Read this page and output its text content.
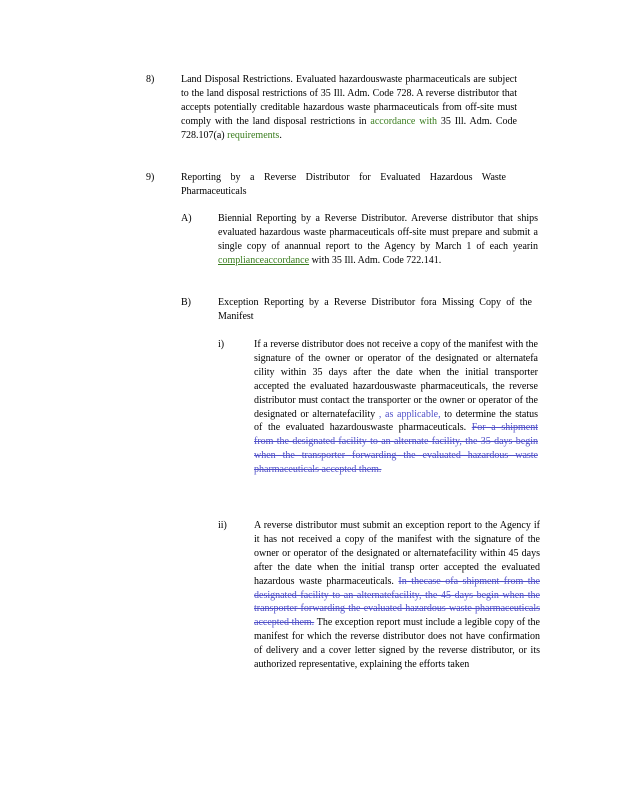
8)	Land Disposal Restrictions. Evaluated hazardouswaste pharmaceuticals are subject to the land disposal restrictions of 35 Ill. Adm. Code 728. A reverse distributor that accepts potentially creditable hazardous waste pharmaceuticals from off-site must comply with the land disposal restrictions in accordance with 35 Ill. Adm. Code 728.107(a) requirements.
9)	Reporting by a Reverse Distributor for Evaluated Hazardous Waste Pharmaceuticals
A)	Biennial Reporting by a Reverse Distributor. Areverse distributor that ships evaluated hazardous waste pharmaceuticals off-site must prepare and submit a single copy of anannual report to the Agency by March 1 of each yearin complianceaccordance with 35 Ill. Adm. Code 722.141.
B)	Exception Reporting by a Reverse Distributor fora Missing Copy of the Manifest
i)	If a reverse distributor does not receive a copy of the manifest with the signature of the owner or operator of the designated or alternatefa cility within 35 days after the date when the initial transporter accepted the evaluated hazardouswaste pharmaceuticals, the reverse distributor must contact the transporter or the owner or operator of the designated or alternatefacility , as applicable, to determine the status of the evaluated hazardouswaste pharmaceuticals. For a shipment from the designated facility to an alternate facility, the 35 days begin when the transporter forwarding the evaluated hazardous waste pharmaceuticals accepted them.
ii)	A reverse distributor must submit an exception report to the Agency if it has not received a copy of the manifest with the signature of the owner or operator of the designated or alternatefacility within 45 days after the date when the initial transp orter accepted the evaluated hazardous waste pharmaceuticals. In thecase ofa shipment from the designated facility to an alternatefacility, the 45 days begin when the transporter forwarding the evaluated hazardous waste pharmaceuticals accepted them. The exception report must include a legible copy of the manifest for which the reverse distributor does not have confirmation of delivery and a cover letter signed by the reverse distributor, or its authorized representative, explaining the efforts taken
